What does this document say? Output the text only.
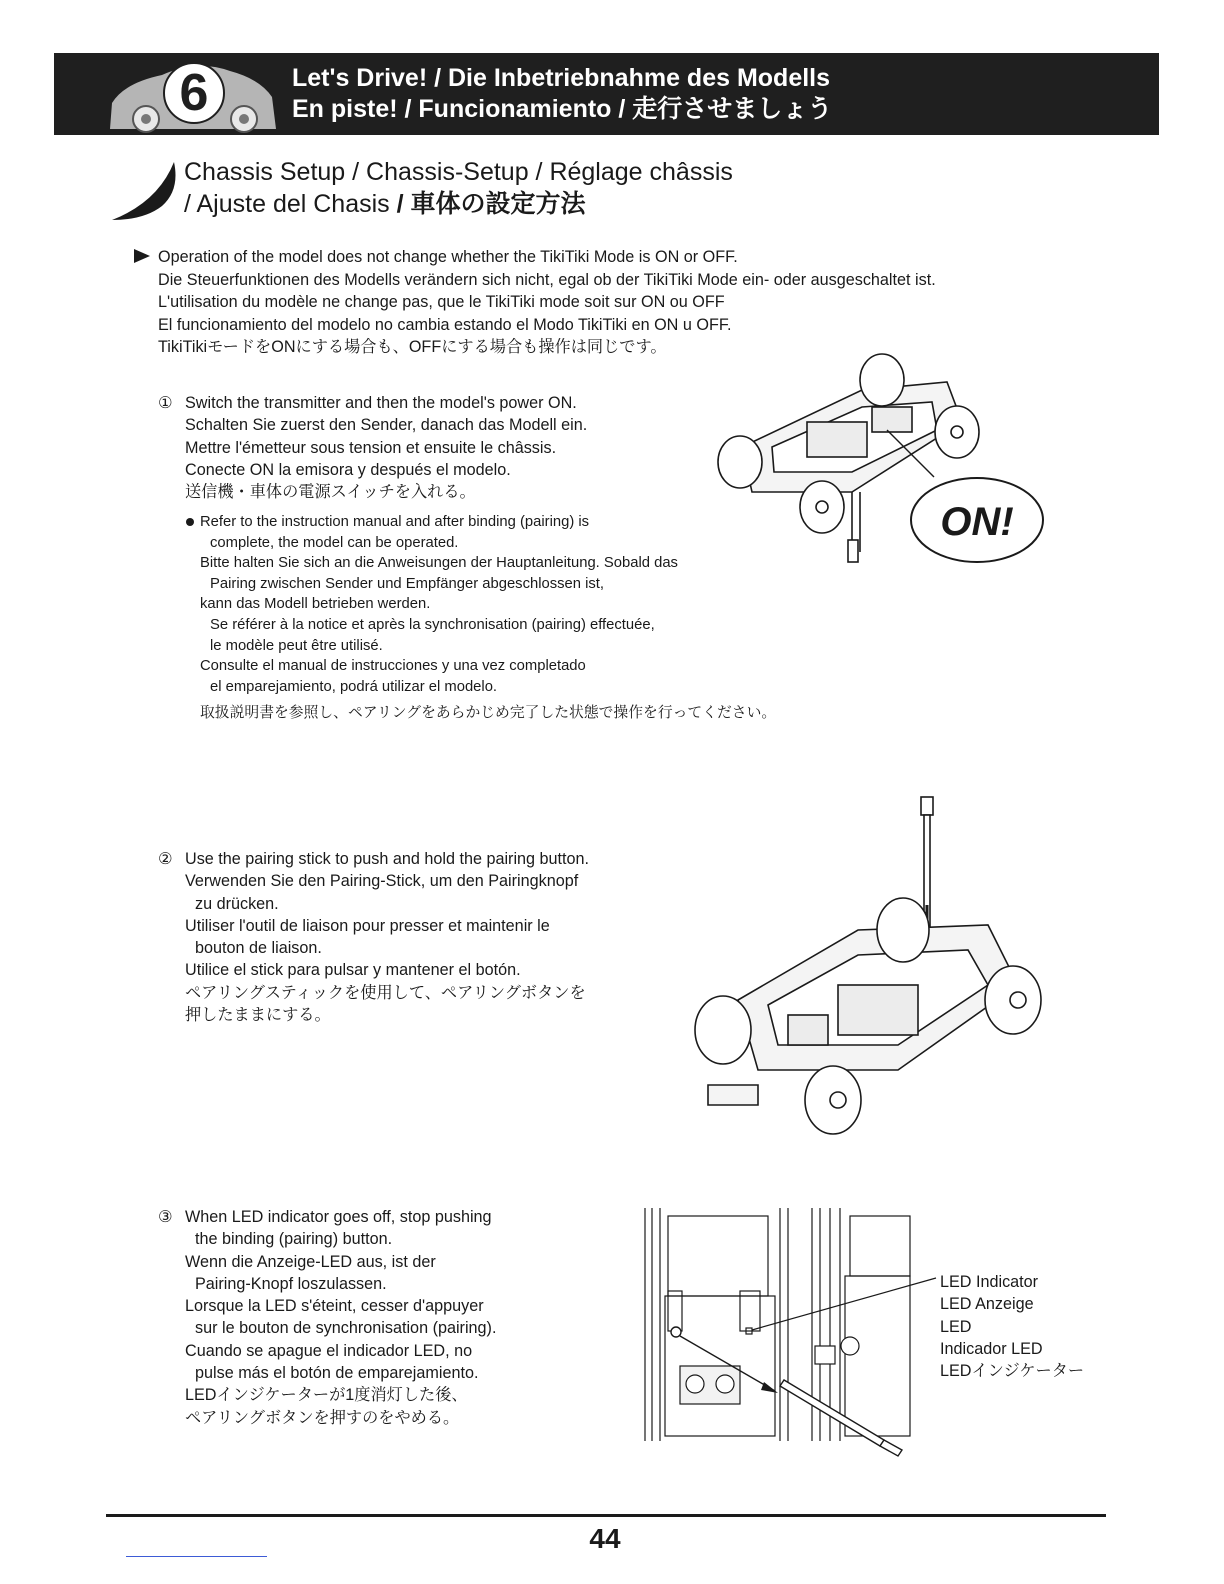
6	Let's Drive! / Die Inbetriebnahme des Modells
En piste! / Funcionamiento / 走行させましょう
Chassis Setup / Chassis-Setup / Réglage châssis
/ Ajuste del Chasis / 車体の設定方法
Operation of the model does not change whether the TikiTiki Mode is ON or OFF.
Die Steuerfunktionen des Modells verändern sich nicht, egal ob der TikiTiki Mode ein- oder ausgeschaltet ist.
L'utilisation du modèle ne change pas, que le TikiTiki mode soit sur ON ou OFF
El funcionamiento del modelo no cambia estando el Modo TikiTiki en ON u OFF.
TikiTikiモードをONにする場合も、OFFにする場合も操作は同じです。
① Switch the transmitter and then the model's power ON.
Schalten Sie zuerst den Sender, danach das Modell ein.
Mettre l'émetteur sous tension et ensuite le châssis.
Conecte ON la emisora y después el modelo.
送信機・車体の電源スイッチを入れる。
Refer to the instruction manual and after binding (pairing) is
complete, the model can be operated.
Bitte halten Sie sich an die Anweisungen der Hauptanleitung. Sobald das
Pairing zwischen Sender und Empfänger abgeschlossen ist,
kann das Modell betrieben werden.
Se référer à la notice et après la synchronisation (pairing) effectuée,
le modèle peut être utilisé.
Consulte el manual de instrucciones y una vez completado
el emparejamiento, podrá utilizar el modelo.
取扱説明書を参照し、ペアリングをあらかじめ完了した状態で操作を行ってください。
ON!
② Use the pairing stick to push and hold the pairing button.
Verwenden Sie den Pairing-Stick, um den Pairingknopf
zu drücken.
Utiliser l'outil de liaison pour presser et maintenir le
bouton de liaison.
Utilice el stick para pulsar y mantener el botón.
ペアリングスティックを使用して、ペアリングボタンを
押したままにする。
③ When LED indicator goes off, stop pushing
the binding (pairing) button.
Wenn die Anzeige-LED aus, ist der
Pairing-Knopf loszulassen.
Lorsque la LED s'éteint, cesser d'appuyer
sur le bouton de synchronisation (pairing).
Cuando se apague el indicador LED, no
pulse más el botón de emparejamiento.
LEDインジケーターが1度消灯した後、
ペアリングボタンを押すのをやめる。
LED Indicator
LED Anzeige
LED
Indicador LED
LEDインジケーター
44
